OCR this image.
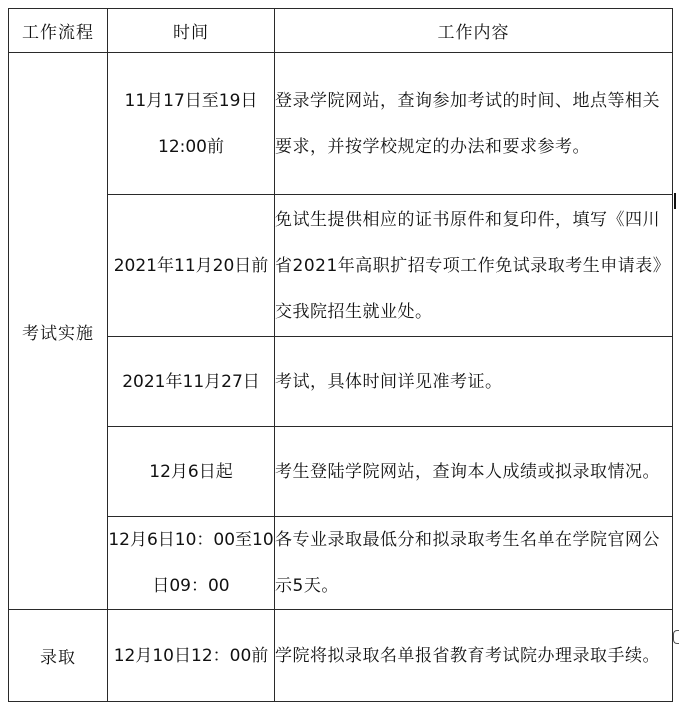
工作流程	时间	工作内容
考试实施	11月17日至19日12:00前	登录学院网站，查询参加考试的时间、地点等相关要求，并按学校规定的办法和要求参考。
	2021年11月20日前	免试生提供相应的证书原件和复印件，填写《四川省2021年高职扩招专项工作免试录取考生申请表》交我院招生就业处。
	2021年11月27日	考试，具体时间详见准考证。
	12月6日起	考生登陆学院网站，查询本人成绩或拟录取情况。
	12月6日10：00至10日09：00	各专业录取最低分和拟录取考生名单在学院官网公示5天。
录取	12月10日12：00前	学院将拟录取名单报省教育考试院办理录取手续。
